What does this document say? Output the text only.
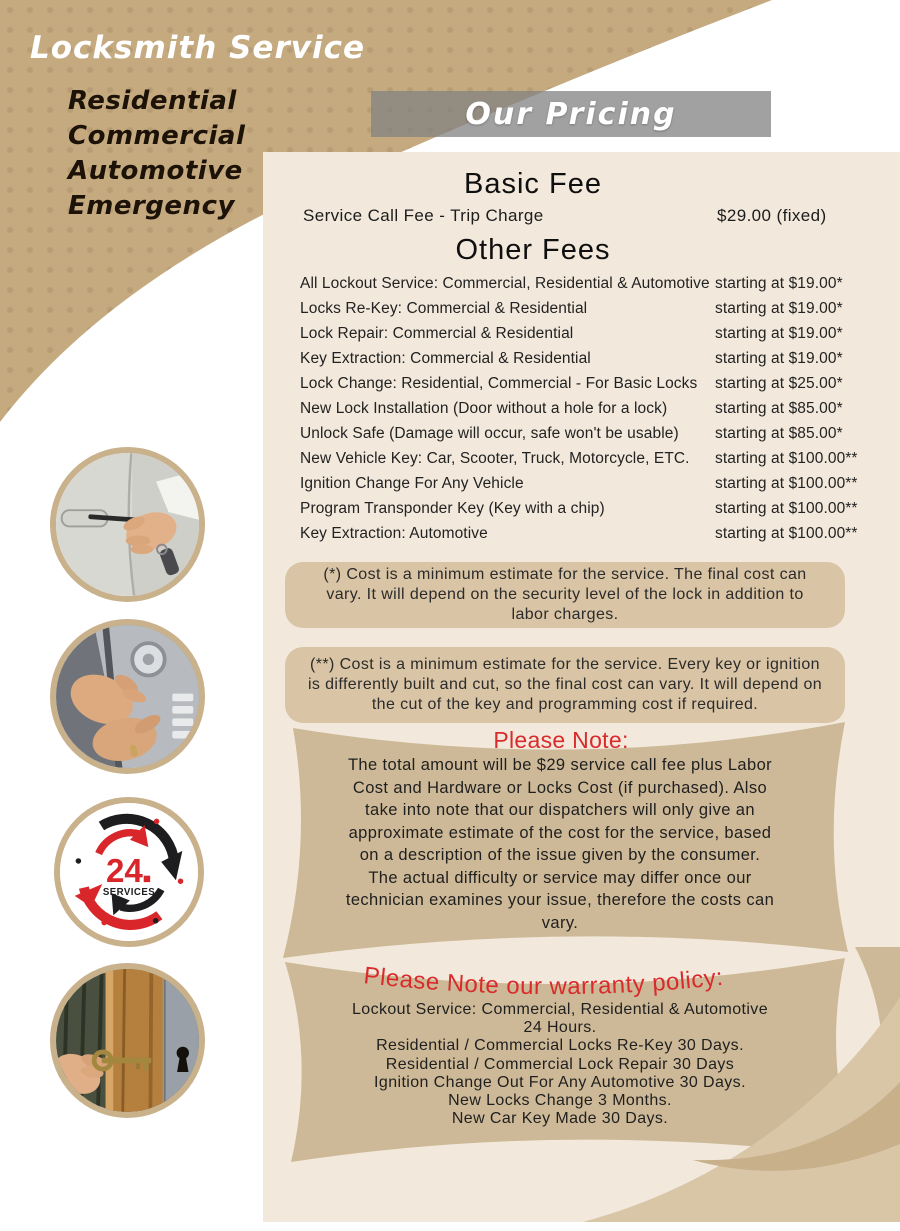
Locksmith Service
Residential
Commercial
Automotive
Emergency
Our Pricing
Basic Fee
Service Call Fee - Trip Charge	$29.00 (fixed)
Other Fees
All Lockout Service: Commercial, Residential & Automotive starting at $19.00*
Locks Re-Key: Commercial & Residential	starting at $19.00*
Lock Repair: Commercial & Residential	starting at $19.00*
Key Extraction: Commercial & Residential	starting at $19.00*
Lock Change: Residential, Commercial - For Basic Locks	starting at $25.00*
New Lock Installation (Door without a hole for a lock)	starting at $85.00*
Unlock Safe (Damage will occur, safe won't be usable)	starting at $85.00*
New Vehicle Key: Car, Scooter, Truck, Motorcycle, ETC.	starting at $100.00**
Ignition Change For Any Vehicle	starting at $100.00**
Program Transponder Key (Key with a chip)	starting at $100.00**
Key Extraction: Automotive	starting at $100.00**
(*) Cost is a minimum estimate for the service. The final cost can
vary. It will depend on the security level of the lock in addition to
labor charges.
(**) Cost is a minimum estimate for the service. Every key or ignition
is differently built and cut, so the final cost can vary. It will depend on
the cut of the key and programming cost if required.
Please Note:
The total amount will be $29 service call fee plus Labor
Cost and Hardware or Locks Cost (if purchased). Also
take into note that our dispatchers will only give an
approximate estimate of the cost for the service, based
on a description of the issue given by the consumer.
The actual difficulty or service may differ once our
technician examines your issue, therefore the costs can
vary.
Please Note our warranty policy:
Lockout Service: Commercial, Residential & Automotive
24 Hours.
Residential / Commercial Locks Re-Key 30 Days.
Residential / Commercial Lock Repair 30 Days
Ignition Change Out For Any Automotive 30 Days.
New Locks Change 3 Months.
New Car Key Made 30 Days.
24
SERVICES
